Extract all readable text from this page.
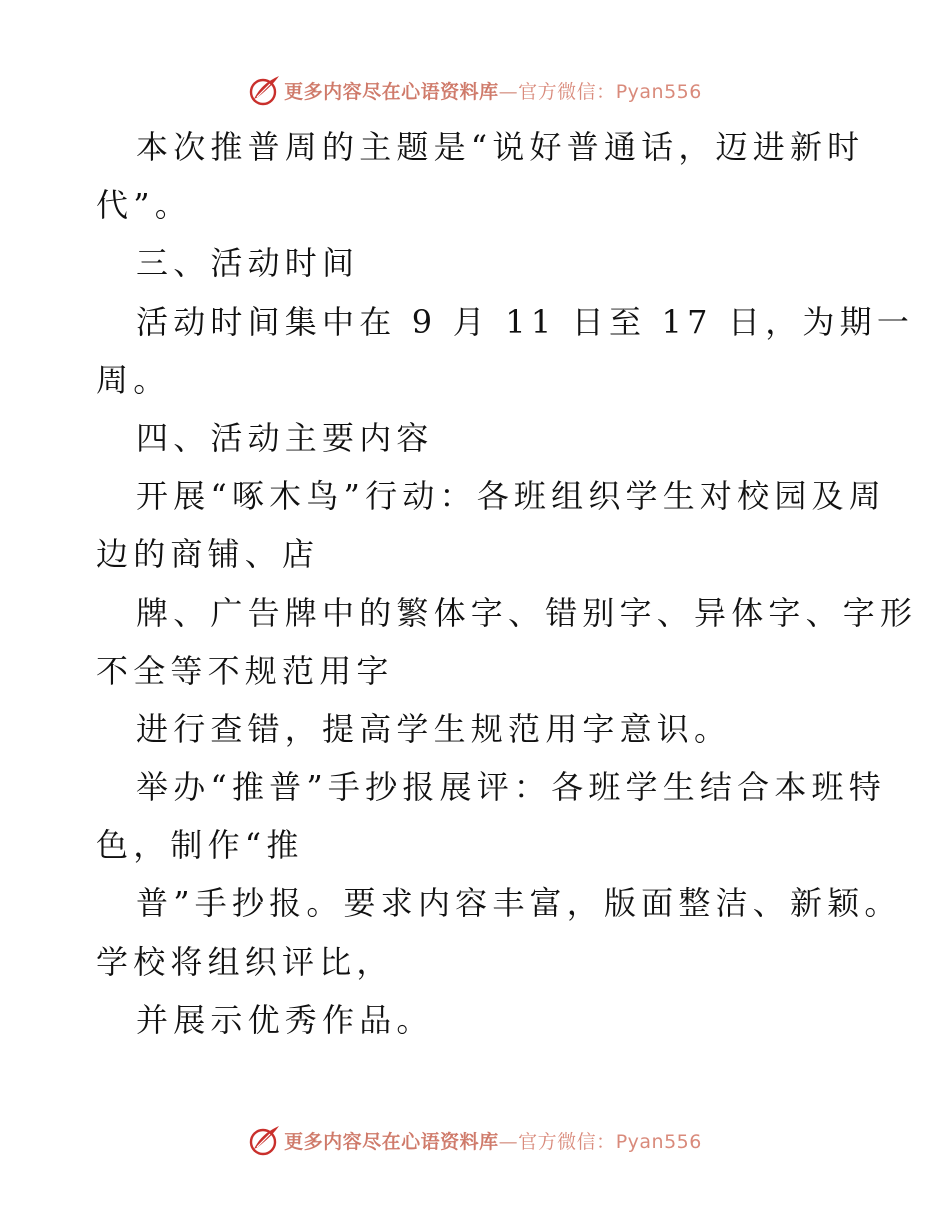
更多内容尽在心语资料库—官方微信：Pyan556
本次推普周的主题是“说好普通话，迈进新时
代”。
三、活动时间
活动时间集中在 9 月 11 日至 17 日，为期一
周。
四、活动主要内容
开展“啄木鸟”行动：各班组织学生对校园及周
边的商铺、店
牌、广告牌中的繁体字、错别字、异体字、字形
不全等不规范用字
进行查错，提高学生规范用字意识。
举办“推普”手抄报展评：各班学生结合本班特
色，制作“推
普”手抄报。要求内容丰富，版面整洁、新颖。
学校将组织评比，
并展示优秀作品。
更多内容尽在心语资料库—官方微信：Pyan556
